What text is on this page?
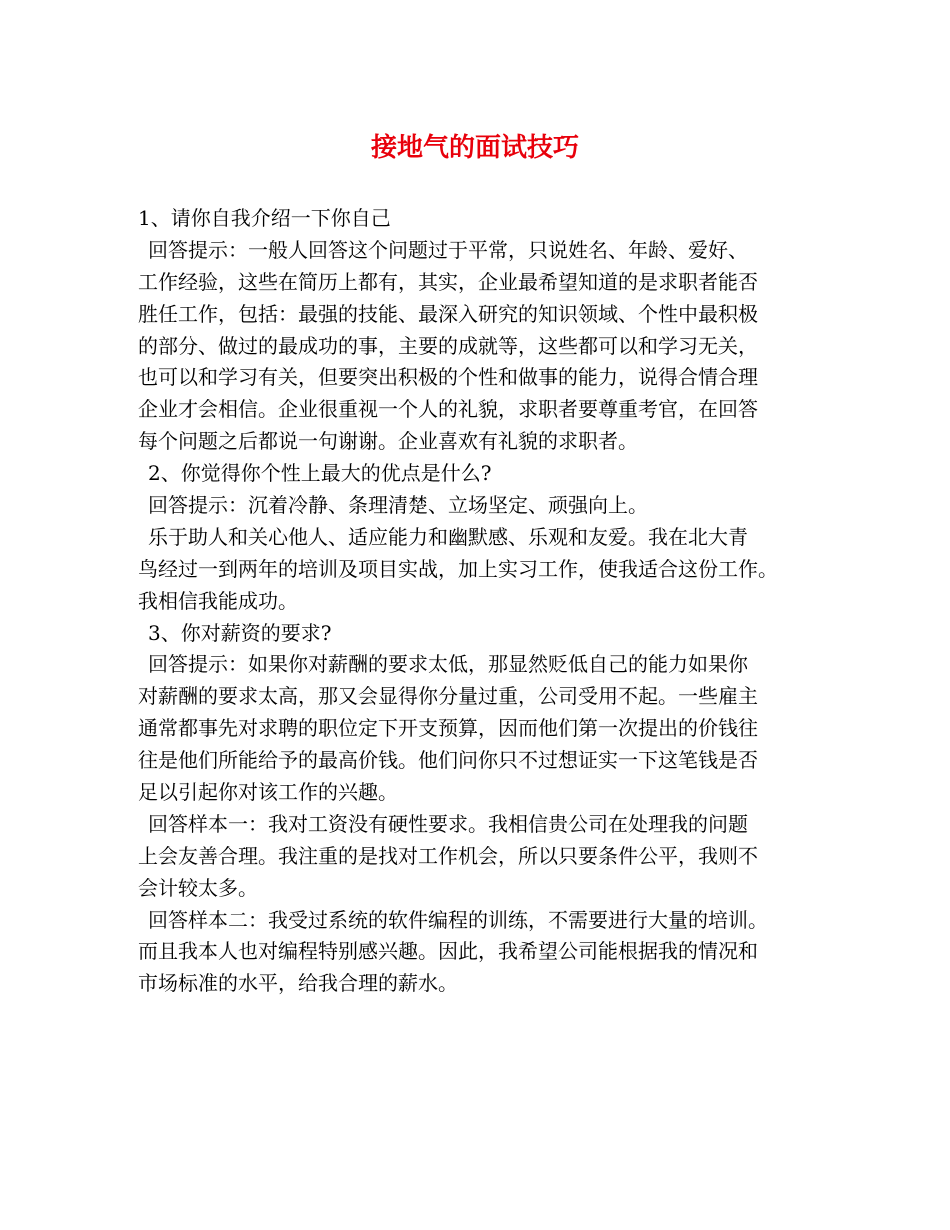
接地气的面试技巧
1、请你自我介绍一下你自己
回答提示：一般人回答这个问题过于平常，只说姓名、年龄、爱好、
工作经验，这些在简历上都有，其实，企业最希望知道的是求职者能否
胜任工作，包括：最强的技能、最深入研究的知识领域、个性中最积极
的部分、做过的最成功的事，主要的成就等，这些都可以和学习无关，
也可以和学习有关，但要突出积极的个性和做事的能力，说得合情合理
企业才会相信。企业很重视一个人的礼貌，求职者要尊重考官，在回答
每个问题之后都说一句谢谢。企业喜欢有礼貌的求职者。
2、你觉得你个性上最大的优点是什么?
回答提示：沉着冷静、条理清楚、立场坚定、顽强向上。
乐于助人和关心他人、适应能力和幽默感、乐观和友爱。我在北大青
鸟经过一到两年的培训及项目实战，加上实习工作，使我适合这份工作。
我相信我能成功。
3、你对薪资的要求?
回答提示：如果你对薪酬的要求太低，那显然贬低自己的能力如果你
对薪酬的要求太高，那又会显得你分量过重，公司受用不起。一些雇主
通常都事先对求聘的职位定下开支预算，因而他们第一次提出的价钱往
往是他们所能给予的最高价钱。他们问你只不过想证实一下这笔钱是否
足以引起你对该工作的兴趣。
回答样本一：我对工资没有硬性要求。我相信贵公司在处理我的问题
上会友善合理。我注重的是找对工作机会，所以只要条件公平，我则不
会计较太多。
回答样本二：我受过系统的软件编程的训练，不需要进行大量的培训。
而且我本人也对编程特别感兴趣。因此，我希望公司能根据我的情况和
市场标准的水平，给我合理的薪水。
